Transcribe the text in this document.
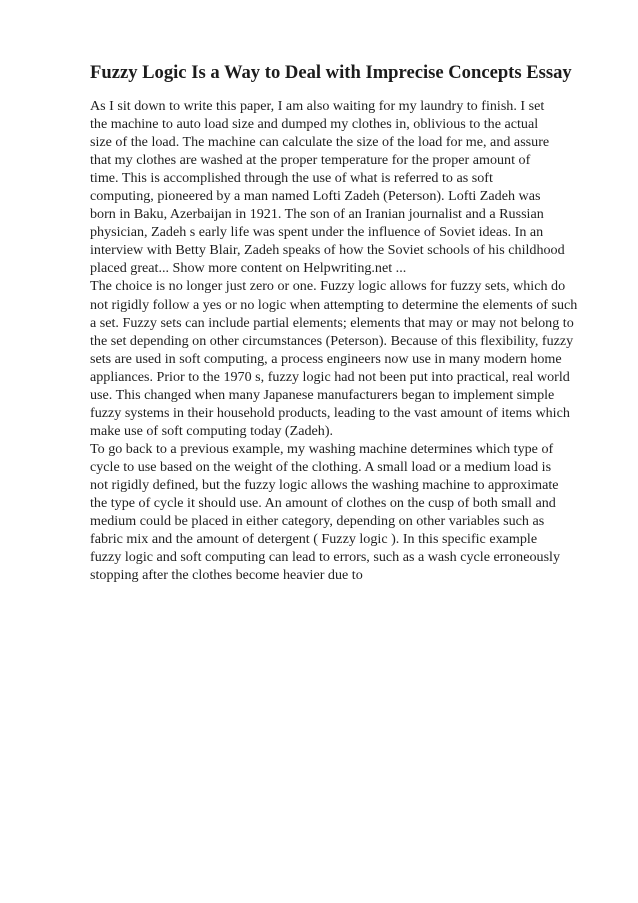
Fuzzy Logic Is a Way to Deal with Imprecise Concepts Essay
As I sit down to write this paper, I am also waiting for my laundry to finish. I set
the machine to auto load size and dumped my clothes in, oblivious to the actual
size of the load. The machine can calculate the size of the load for me, and assure
that my clothes are washed at the proper temperature for the proper amount of
time. This is accomplished through the use of what is referred to as soft
computing, pioneered by a man named Lofti Zadeh (Peterson). Lofti Zadeh was
born in Baku, Azerbaijan in 1921. The son of an Iranian journalist and a Russian
physician, Zadeh s early life was spent under the influence of Soviet ideas. In an
interview with Betty Blair, Zadeh speaks of how the Soviet schools of his childhood
placed great... Show more content on Helpwriting.net ...
The choice is no longer just zero or one. Fuzzy logic allows for fuzzy sets, which do
not rigidly follow a yes or no logic when attempting to determine the elements of such
a set. Fuzzy sets can include partial elements; elements that may or may not belong to
the set depending on other circumstances (Peterson). Because of this flexibility, fuzzy
sets are used in soft computing, a process engineers now use in many modern home
appliances. Prior to the 1970 s, fuzzy logic had not been put into practical, real world
use. This changed when many Japanese manufacturers began to implement simple
fuzzy systems in their household products, leading to the vast amount of items which
make use of soft computing today (Zadeh).
To go back to a previous example, my washing machine determines which type of
cycle to use based on the weight of the clothing. A small load or a medium load is
not rigidly defined, but the fuzzy logic allows the washing machine to approximate
the type of cycle it should use. An amount of clothes on the cusp of both small and
medium could be placed in either category, depending on other variables such as
fabric mix and the amount of detergent ( Fuzzy logic ). In this specific example
fuzzy logic and soft computing can lead to errors, such as a wash cycle erroneously
stopping after the clothes become heavier due to
